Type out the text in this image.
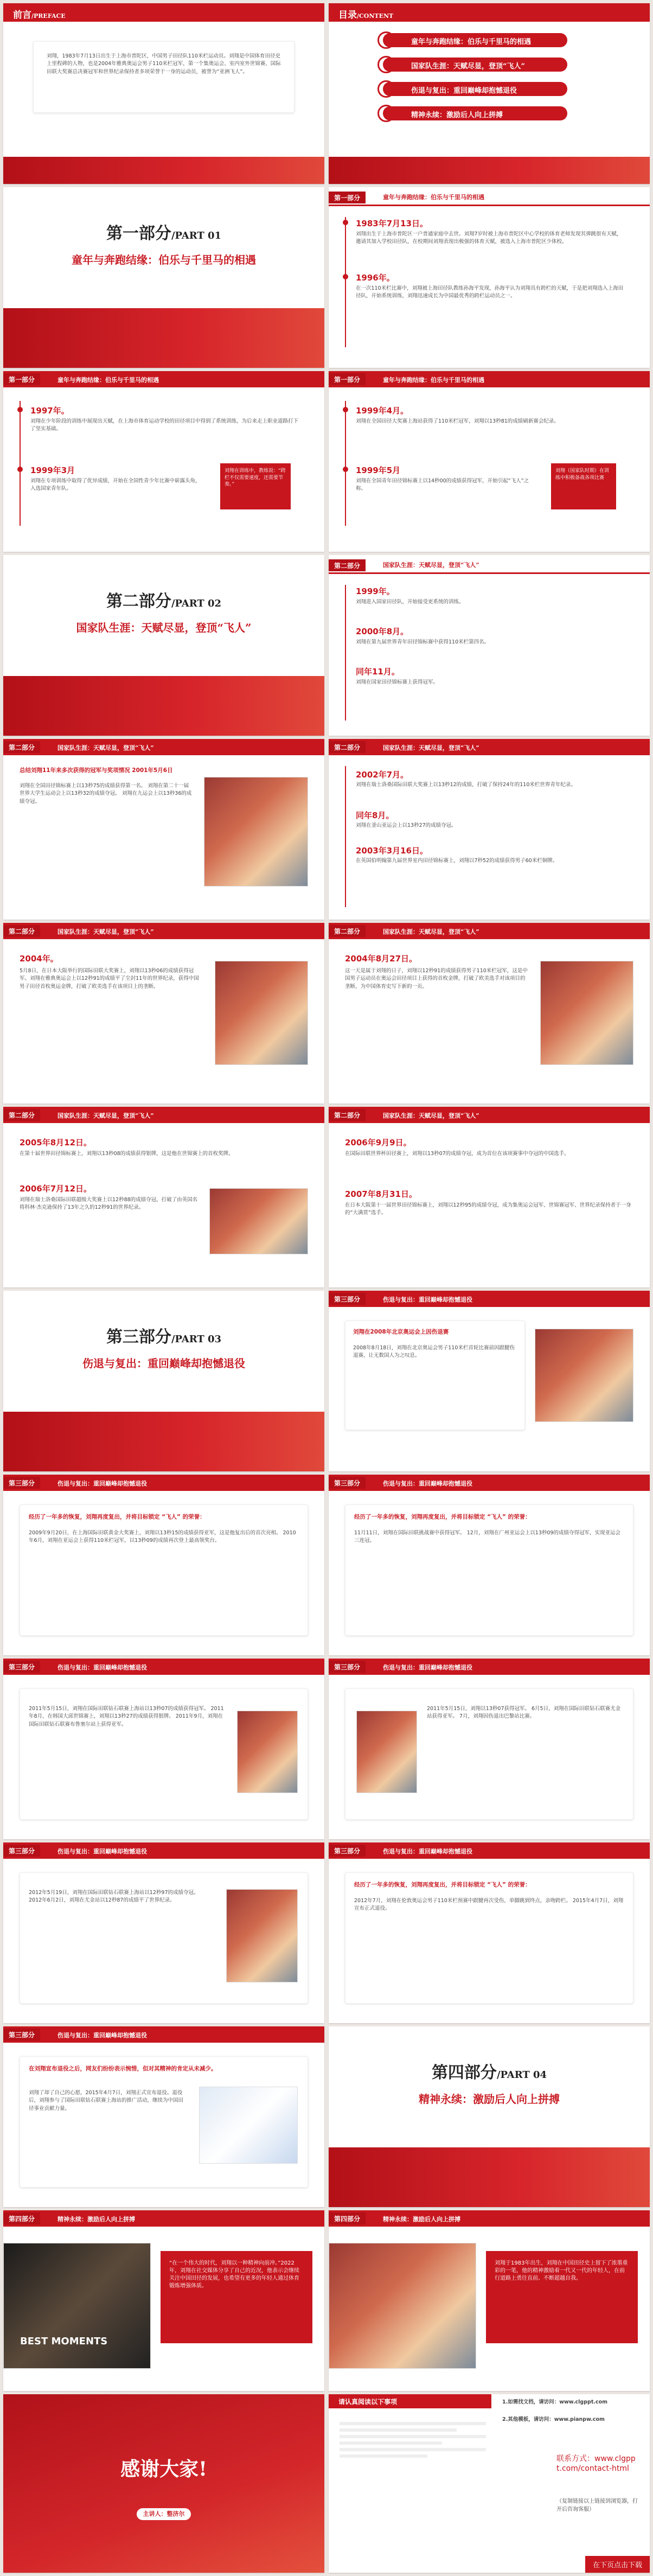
前言/PREFACE
刘翔，1983年7月13日出生于上海市普陀区，中国男子田径队110米栏运动员。刘翔是中国体育田径史上里程碑的人物，也是2004年雅典奥运会男子110米栏冠军，第一个集奥运会、室内室外世锦赛、国际田联大奖赛总决赛冠军和世界纪录保持者多项荣誉于一身的运动员，被誉为“亚洲飞人”。
目录/CONTENT
童年与奔跑结缘：伯乐与千里马的相遇
国家队生涯：天赋尽显，登顶“飞人”
伤退与复出：重回巅峰却抱憾退役
精神永续：激励后人向上拼搏
第一部分/PART 01
童年与奔跑结缘：伯乐与千里马的相遇
第一部分	童年与奔跑结缘：伯乐与千里马的相遇
1983年7月13日。
刘翔出生于上海市普陀区一户普通家庭中去世。刘翔7岁时被上海市普陀区中心学校的体育老师发现其弹跳很有天赋，邀请其加入学校田径队，在校期间刘翔表现出极强的体育天赋，被选入上海市普陀区少体校。
1996年。
在一次110米栏比赛中，刘翔被上海田径队教练孙海平发现，孙海平认为刘翔具有跨栏的天赋，于是把刘翔选入上海田径队，开始系统训练，刘翔迅速成长为中国最优秀的跨栏运动员之一。
第一部分	童年与奔跑结缘：伯乐与千里马的相遇
1997年。
刘翔在少年阶段的训练中展现出天赋，在上海市体育运动学校的田径项目中得到了系统训练，为后来走上职业道路打下了坚实基础。
1999年3月
刘翔在专项训练中取得了优异成绩，开始在全国性青少年比赛中崭露头角，入选国家青年队。
刘翔在训练中，教练说：“跨栏不仅需要速度，还需要节奏。”
第一部分	童年与奔跑结缘：伯乐与千里马的相遇
1999年4月。
刘翔在全国田径大奖赛上海站获得了110米栏冠军，刘翔以13秒81的成绩刷新赛会纪录。
1999年5月
刘翔在全国青年田径锦标赛上以14秒00的成绩获得冠军，开始引起“飞人”之称。
刘翔（国家队时期）在训练中积极备战各项比赛
第二部分/PART 02
国家队生涯：天赋尽显，登顶“飞人”
第二部分	国家队生涯：天赋尽显，登顶“飞人”
1999年。
刘翔进入国家田径队，开始接受更系统的训练。
2000年8月。
刘翔在第九届世界青年田径锦标赛中获得110米栏第四名。
同年11月。
刘翔在国家田径锦标赛上获得冠军。
第二部分	国家队生涯：天赋尽显，登顶“飞人”
总结刘翔11年来多次获得的冠军与奖项情况 2001年5月6日
刘翔在全国田径锦标赛上以13秒75的成绩获得第一名。 刘翔在第二十一届世界大学生运动会上以13秒32的成绩夺冠。 刘翔在九运会上以13秒36的成绩夺冠。
第二部分	国家队生涯：天赋尽显，登顶“飞人”
2002年7月。
刘翔在瑞士洛桑国际田联大奖赛上以13秒12的成绩，打破了保持24年的110米栏世界青年纪录。
同年8月。
刘翔在釜山亚运会上以13秒27的成绩夺冠。
2003年3月16日。
在英国伯明翰第九届世界室内田径锦标赛上，刘翔以7秒52的成绩获得男子60米栏铜牌。
第二部分	国家队生涯：天赋尽显，登顶“飞人”
2004年。
5月8日，在日本大阪举行的国际田联大奖赛上，刘翔以13秒06的成绩获得冠军。刘翔在雅典奥运会上以12秒91的成绩平了尘封11年的世界纪录，获得中国男子田径首枚奥运金牌，打破了欧美选手在该项目上的垄断。
第二部分	国家队生涯：天赋尽显，登顶“飞人”
2004年8月27日。
这一天是属于刘翔的日子，刘翔以12秒91的成绩获得男子110米栏冠军，这是中国男子运动员在奥运会田径项目上获得的首枚金牌，打破了欧美选手对该项目的垄断，为中国体育史写下新的一页。
第二部分	国家队生涯：天赋尽显，登顶“飞人”
2005年8月12日。
在第十届世界田径锦标赛上，刘翔以13秒08的成绩获得银牌，这是他在世锦赛上的首枚奖牌。
2006年7月12日。
刘翔在瑞士洛桑国际田联超级大奖赛上以12秒88的成绩夺冠，打破了由英国名将科林·杰克逊保持了13年之久的12秒91的世界纪录。
第二部分	国家队生涯：天赋尽显，登顶“飞人”
2006年9月9日。
在国际田联世界杯田径赛上，刘翔以13秒07的成绩夺冠，成为首位在该项赛事中夺冠的中国选手。
2007年8月31日。
在日本大阪第十一届世界田径锦标赛上，刘翔以12秒95的成绩夺冠，成为集奥运会冠军、世锦赛冠军、世界纪录保持者于一身的“大满贯”选手。
第三部分/PART 03
伤退与复出：重回巅峰却抱憾退役
第三部分	伤退与复出：重回巅峰却抱憾退役
刘翔在2008年北京奥运会上因伤退赛
2008年8月18日，刘翔在北京奥运会男子110米栏首轮比赛前因跟腱伤退赛，让无数国人为之叹息。
第三部分	伤退与复出：重回巅峰却抱憾退役
经历了一年多的恢复，刘翔再度复出，并将目标锁定 “飞人” 的荣誉：
2009年9月20日，在上海国际田联黄金大奖赛上，刘翔以13秒15的成绩获得亚军，这是他复出后的首次亮相。 2010年6月，刘翔在亚运会上获得110米栏冠军，以13秒09的成绩再次登上最高领奖台。
第三部分	伤退与复出：重回巅峰却抱憾退役
经历了一年多的恢复，刘翔再度复出，并将目标锁定 “飞人” 的荣誉：
11月11日，刘翔在国际田联挑战赛中获得冠军。 12月，刘翔在广州亚运会上以13秒09的成绩夺得冠军，实现亚运会三连冠。
第三部分	伤退与复出：重回巅峰却抱憾退役
2011年5月15日，刘翔在国际田联钻石联赛上海站以13秒07的成绩获得冠军。 2011年8月，在韩国大邱世锦赛上，刘翔以13秒27的成绩获得银牌。 2011年9月，刘翔在国际田联钻石联赛布鲁塞尔站上获得亚军。
第三部分	伤退与复出：重回巅峰却抱憾退役
2011年5月15日，刘翔以13秒07获得冠军。 6月5日，刘翔在国际田联钻石联赛尤金站获得亚军。 7月，刘翔因伤退出巴黎站比赛。
第三部分	伤退与复出：重回巅峰却抱憾退役
2012年5月19日，刘翔在国际田联钻石联赛上海站以12秒97的成绩夺冠。 2012年6月2日，刘翔在尤金站以12秒87的成绩平了世界纪录。
第三部分	伤退与复出：重回巅峰却抱憾退役
经历了一年多的恢复，刘翔再度复出，并将目标锁定 “飞人” 的荣誉：
2012年7月，刘翔在伦敦奥运会男子110米栏预赛中跟腱再次受伤，单脚跳到终点，亲吻跨栏。 2015年4月7日，刘翔宣布正式退役。
第三部分	伤退与复出：重回巅峰却抱憾退役
在刘翔宣布退役之后，网友们纷纷表示惋惜，但对其精神的肯定从未减少。
刘翔了却了自己的心愿，2015年4月7日，刘翔正式宣布退役。退役后，刘翔参与了国际田联钻石联赛上海站的推广活动，继续为中国田径事业贡献力量。
第四部分/PART 04
精神永续：激励后人向上拼搏
第四部分	精神永续：激励后人向上拼搏
BEST MOMENTS
“在一个伟大的时代，刘翔以一种精神向前冲。”2022年，刘翔在社交媒体分享了自己的近况，他表示会继续关注中国田径的发展，也希望有更多的年轻人通过体育锻炼增强体质。
第四部分	精神永续：激励后人向上拼搏
刘翔于1983年出生，刘翔在中国田径史上留下了浓墨重彩的一笔，他的精神激励着一代又一代的年轻人，在前行道路上勇往直前、不断超越自我。
感谢大家!
主讲人：整济尔
请认真阅读以下事项	1.如需找文档，请访问：www.clgppt.com
2.其他模板，请访问：www.pianpw.com
联系方式：www.clgppt.com/contact-html
（复制链接以上链接到浏览器，打开后咨询客服）
在下页点击下载
